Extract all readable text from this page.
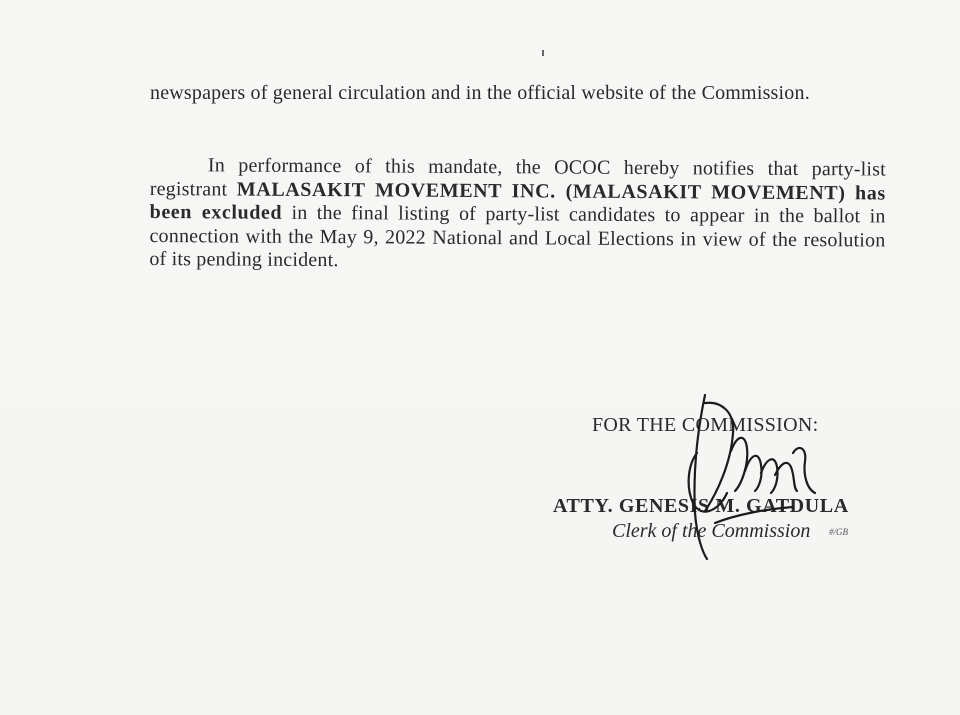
newspapers of general circulation and in the official website of the Commission.

In performance of this mandate, the OCOC hereby notifies that party-list registrant MALASAKIT MOVEMENT INC. (MALASAKIT MOVEMENT) has been excluded in the final listing of party-list candidates to appear in the ballot in connection with the May 9, 2022 National and Local Elections in view of the resolution of its pending incident.

FOR THE COMMISSION:
ATTY. GENESIS M. GATDULA
Clerk of the Commission #/GB
